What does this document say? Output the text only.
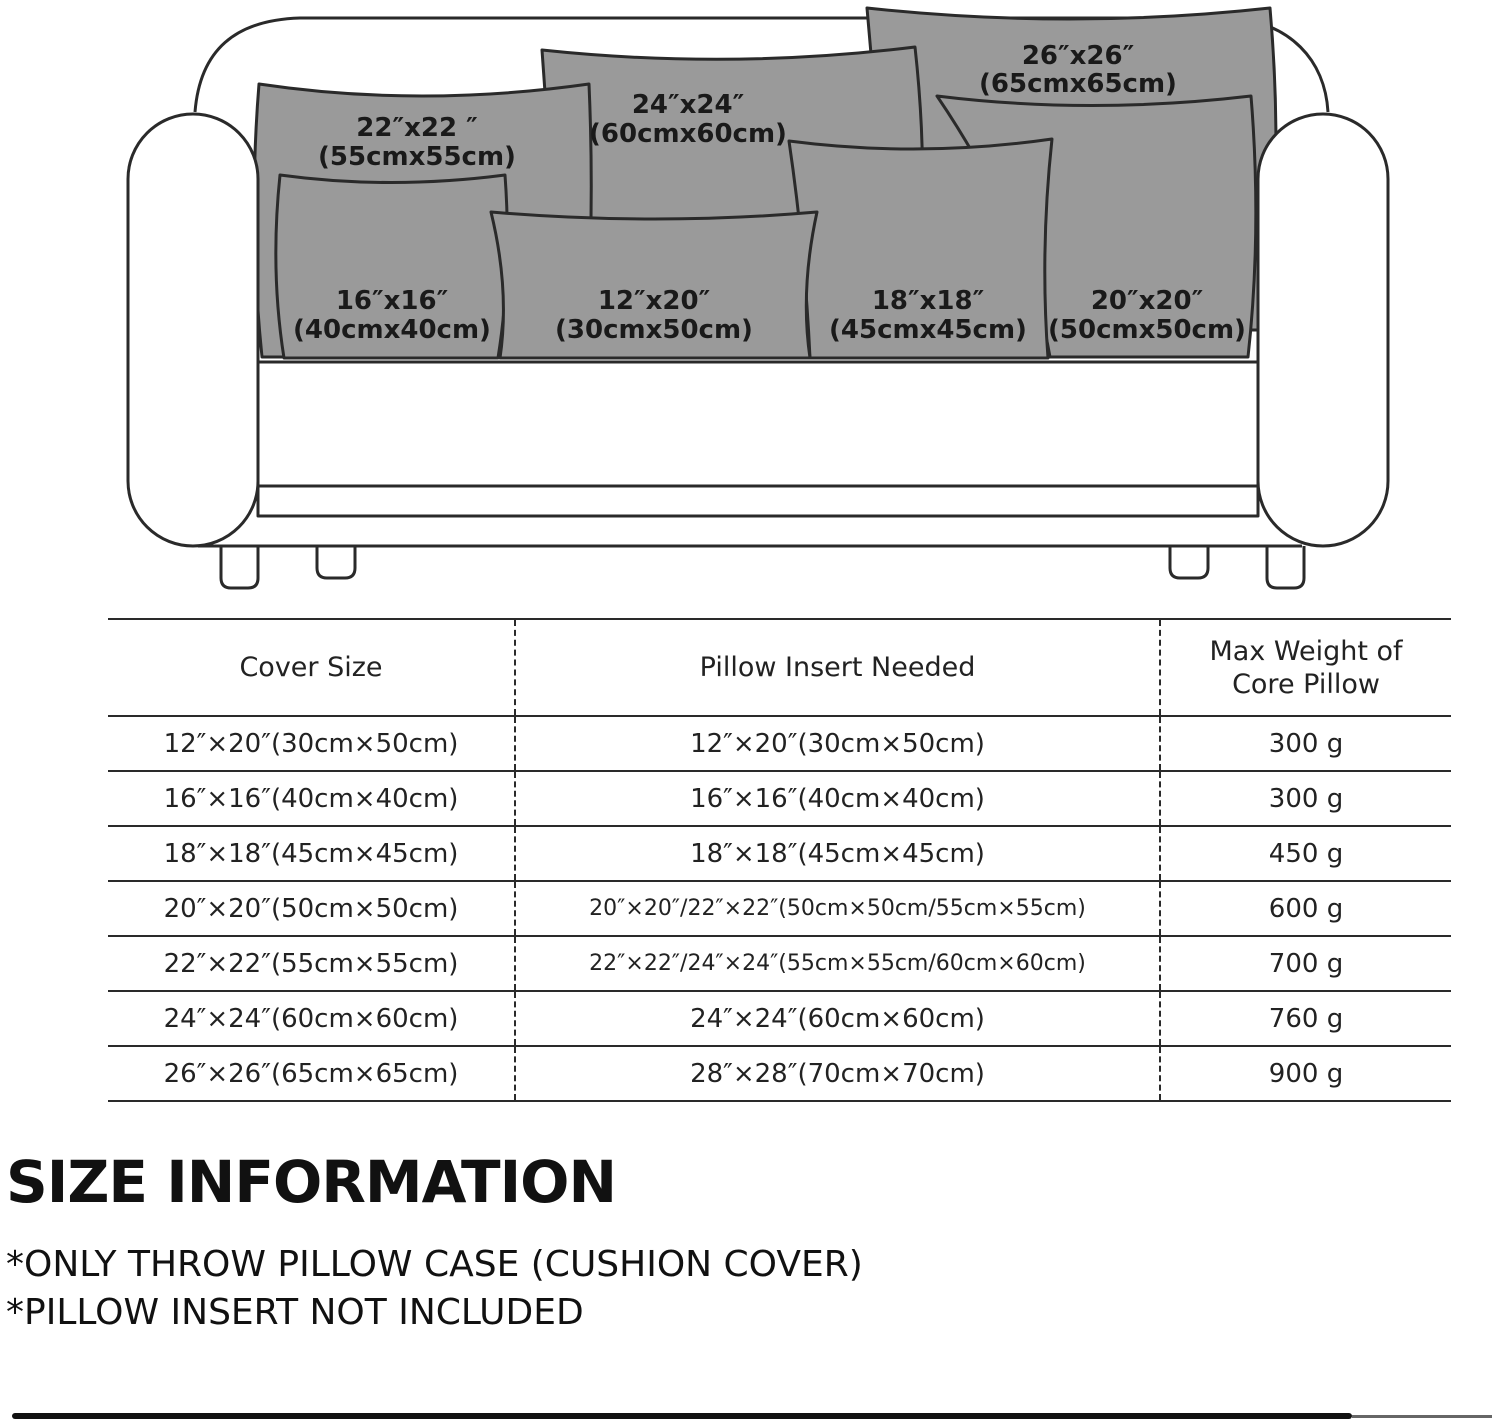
26″x26″
(65cmx65cm)
24″x24″
(60cmx60cm)
22″x22 ″
(55cmx55cm)
20″x20″
(50cmx50cm)
18″x18″
(45cmx45cm)
16″x16″
(40cmx40cm)
12″x20″
(30cmx50cm)
Cover Size	Pillow Insert Needed	Max Weight of Core Pillow

12″×20″(30cm×50cm)	12″×20″(30cm×50cm)	300 g
16″×16″(40cm×40cm)	16″×16″(40cm×40cm)	300 g
18″×18″(45cm×45cm)	18″×18″(45cm×45cm)	450 g
20″×20″(50cm×50cm)	20″×20″/22″×22″(50cm×50cm/55cm×55cm)	600 g
22″×22″(55cm×55cm)	22″×22″/24″×24″(55cm×55cm/60cm×60cm)	700 g
24″×24″(60cm×60cm)	24″×24″(60cm×60cm)	760 g
26″×26″(65cm×65cm)	28″×28″(70cm×70cm)	900 g
SIZE INFORMATION

*ONLY THROW PILLOW CASE (CUSHION COVER)

*PILLOW INSERT NOT INCLUDED
